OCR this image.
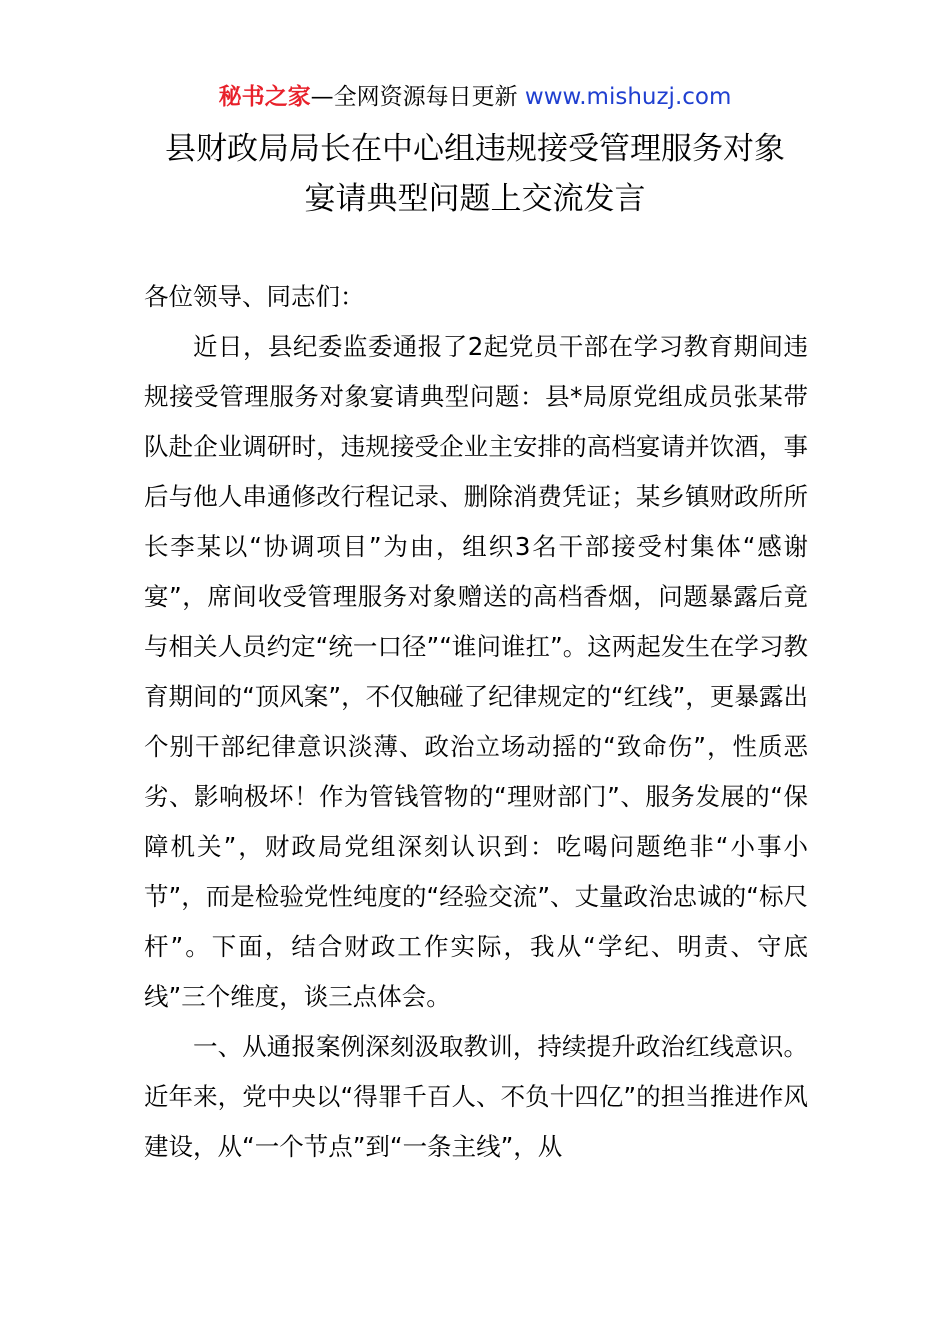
秘书之家—全网资源每日更新 www.mishuzj.com
县财政局局长在中心组违规接受管理服务对象
宴请典型问题上交流发言

各位领导、同志们：

近日，县纪委监委通报了2起党员干部在学习教育期间违规接受管理服务对象宴请典型问题：县*局原党组成员张某带队赴企业调研时，违规接受企业主安排的高档宴请并饮酒，事后与他人串通修改行程记录、删除消费凭证；某乡镇财政所所长李某以“协调项目”为由，组织3名干部接受村集体“感谢宴”，席间收受管理服务对象赠送的高档香烟，问题暴露后竟与相关人员约定“统一口径”“谁问谁扛”。这两起发生在学习教育期间的“顶风案”，不仅触碰了纪律规定的“红线”，更暴露出个别干部纪律意识淡薄、政治立场动摇的“致命伤”，性质恶劣、影响极坏！作为管钱管物的“理财部门”、服务发展的“保障机关”，财政局党组深刻认识到：吃喝问题绝非“小事小节”，而是检验党性纯度的“经验交流”、丈量政治忠诚的“标尺杆”。下面，结合财政工作实际，我从“学纪、明责、守底线”三个维度，谈三点体会。

一、从通报案例深刻汲取教训，持续提升政治红线意识。近年来，党中央以“得罪千百人、不负十四亿”的担当推进作风建设，从“一个节点”到“一条主线”，从
